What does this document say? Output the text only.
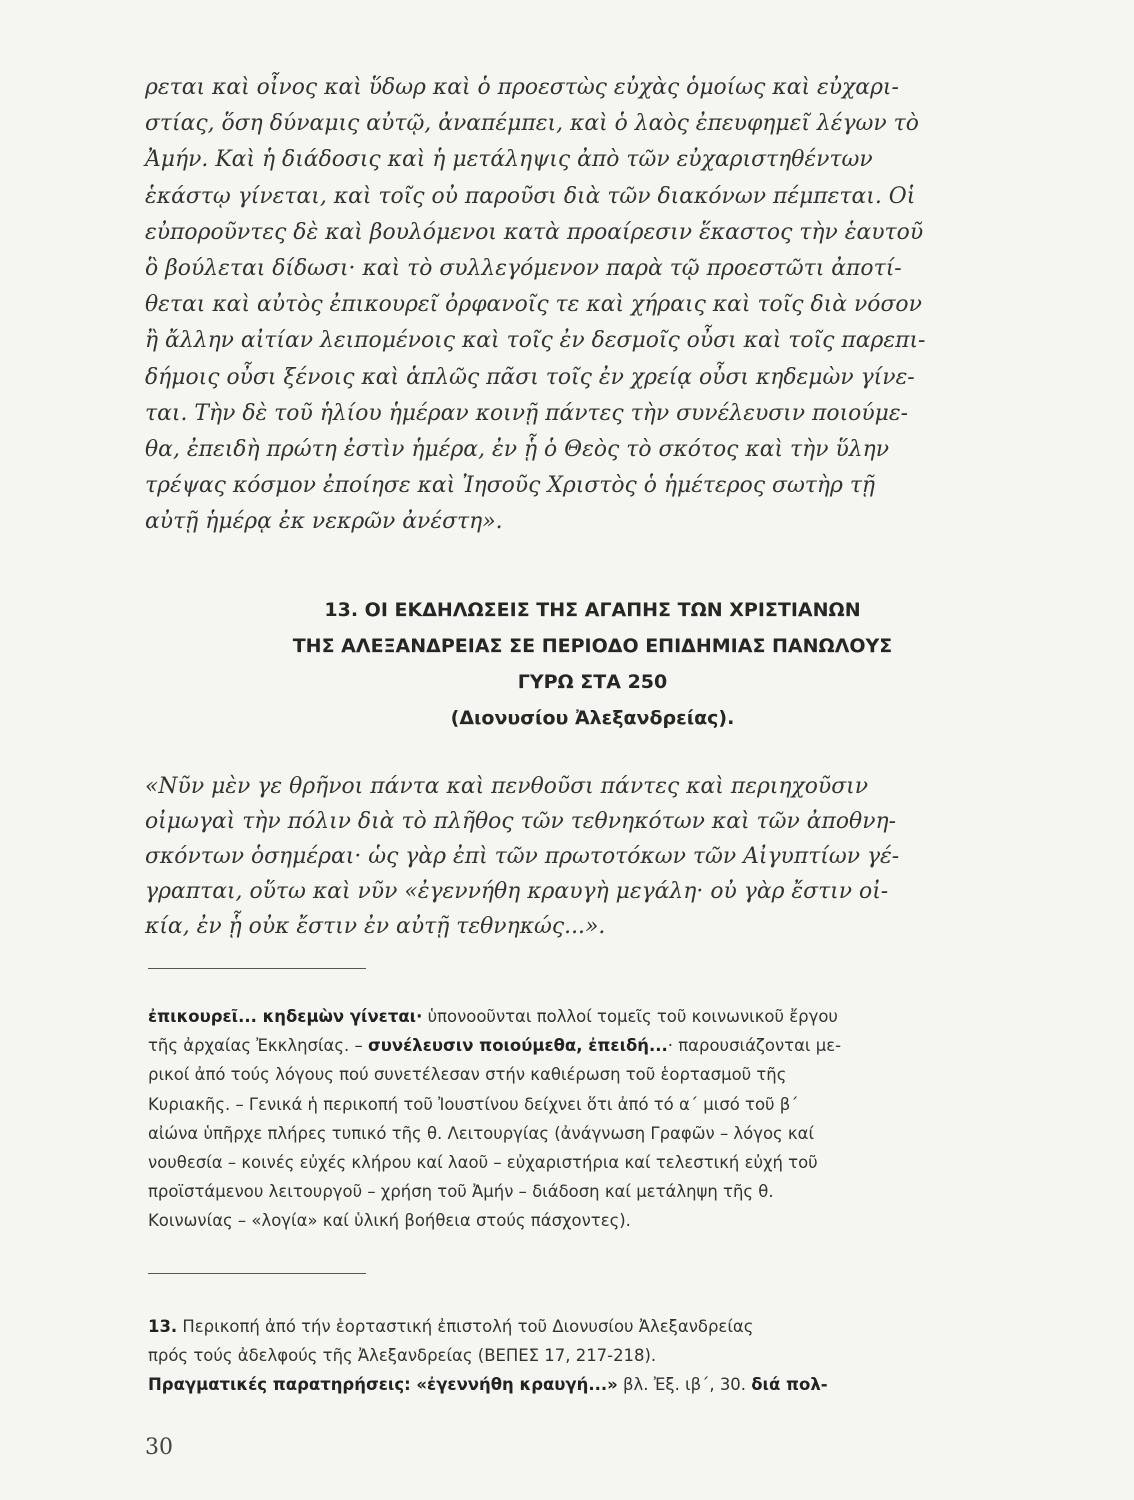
ρεται καὶ οἶνος καὶ ὕδωρ καὶ ὁ προεστὼς εὐχὰς ὁμοίως καὶ εὐχαρι-
στίας, ὅση δύναμις αὐτῷ, ἀναπέμπει, καὶ ὁ λαὸς ἐπευφημεῖ λέγων τὸ
Ἀμήν. Καὶ ἡ διάδοσις καὶ ἡ μετάληψις ἀπὸ τῶν εὐχαριστηθέντων
ἑκάστῳ γίνεται, καὶ τοῖς οὐ παροῦσι διὰ τῶν διακόνων πέμπεται. Οἱ
εὐποροῦντες δὲ καὶ βουλόμενοι κατὰ προαίρεσιν ἕκαστος τὴν ἑαυτοῦ
ὃ βούλεται δίδωσι· καὶ τὸ συλλεγόμενον παρὰ τῷ προεστῶτι ἀποτί-
θεται καὶ αὐτὸς ἐπικουρεῖ ὀρφανοῖς τε καὶ χήραις καὶ τοῖς διὰ νόσον
ἢ ἄλλην αἰτίαν λειπομένοις καὶ τοῖς ἐν δεσμοῖς οὖσι καὶ τοῖς παρεπι-
δήμοις οὖσι ξένοις καὶ ἁπλῶς πᾶσι τοῖς ἐν χρείᾳ οὖσι κηδεμὼν γίνε-
ται. Τὴν δὲ τοῦ ἡλίου ἡμέραν κοινῇ πάντες τὴν συνέλευσιν ποιούμε-
θα, ἐπειδὴ πρώτη ἐστὶν ἡμέρα, ἐν ᾗ ὁ Θεὸς τὸ σκότος καὶ τὴν ὕλην
τρέψας κόσμον ἐποίησε καὶ Ἰησοῦς Χριστὸς ὁ ἡμέτερος σωτὴρ τῇ
αὐτῇ ἡμέρᾳ ἐκ νεκρῶν ἀνέστη».
13. ΟΙ ΕΚΔΗΛΩΣΕΙΣ ΤΗΣ ΑΓΑΠΗΣ ΤΩΝ ΧΡΙΣΤΙΑΝΩΝ
ΤΗΣ ΑΛΕΞΑΝΔΡΕΙΑΣ ΣΕ ΠΕΡΙΟΔΟ ΕΠΙΔΗΜΙΑΣ ΠΑΝΩΛΟΥΣ
ΓΥΡΩ ΣΤΑ 250
(Διονυσίου Ἀλεξανδρείας).
«Νῦν μὲν γε θρῆνοι πάντα καὶ πενθοῦσι πάντες καὶ περιηχοῦσιν
οἰμωγαὶ τὴν πόλιν διὰ τὸ πλῆθος τῶν τεθνηκότων καὶ τῶν ἀποθνη-
σκόντων ὁσημέραι· ὡς γὰρ ἐπὶ τῶν πρωτοτόκων τῶν Αἰγυπτίων γέ-
γραπται, οὕτω καὶ νῦν «ἐγεννήθη κραυγὴ μεγάλη· οὐ γὰρ ἔστιν οἰ-
κία, ἐν ᾗ οὐκ ἔστιν ἐν αὐτῇ τεθνηκώς...».
ἐπικουρεῖ... κηδεμὼν γίνεται· ὑπονοοῦνται πολλοί τομεῖς τοῦ κοινωνικοῦ ἔργου
τῆς ἀρχαίας Ἐκκλησίας. – συνέλευσιν ποιούμεθα, ἐπειδή...· παρουσιάζονται με-
ρικοί ἀπό τούς λόγους πού συνετέλεσαν στήν καθιέρωση τοῦ ἑορτασμοῦ τῆς
Κυριακῆς. – Γενικά ἡ περικοπή τοῦ Ἰουστίνου δείχνει ὅτι ἀπό τό α΄ μισό τοῦ β΄
αἰώνα ὑπῆρχε πλήρες τυπικό τῆς θ. Λειτουργίας (ἀνάγνωση Γραφῶν – λόγος καί
νουθεσία – κοινές εὐχές κλήρου καί λαοῦ – εὐχαριστήρια καί τελεστική εὐχή τοῦ
προϊστάμενου λειτουργοῦ – χρήση τοῦ Ἀμήν – διάδοση καί μετάληψη τῆς θ.
Κοινωνίας – «λογία» καί ὑλική βοήθεια στούς πάσχοντες).
13. Περικοπή ἀπό τήν ἑορταστική ἐπιστολή τοῦ Διονυσίου Ἀλεξανδρείας
πρός τούς ἀδελφούς τῆς Ἀλεξανδρείας (ΒΕΠΕΣ 17, 217-218).
Πραγματικές παρατηρήσεις: «ἐγεννήθη κραυγή...» βλ. Ἐξ. ιβ΄, 30. διά πολ-
30
